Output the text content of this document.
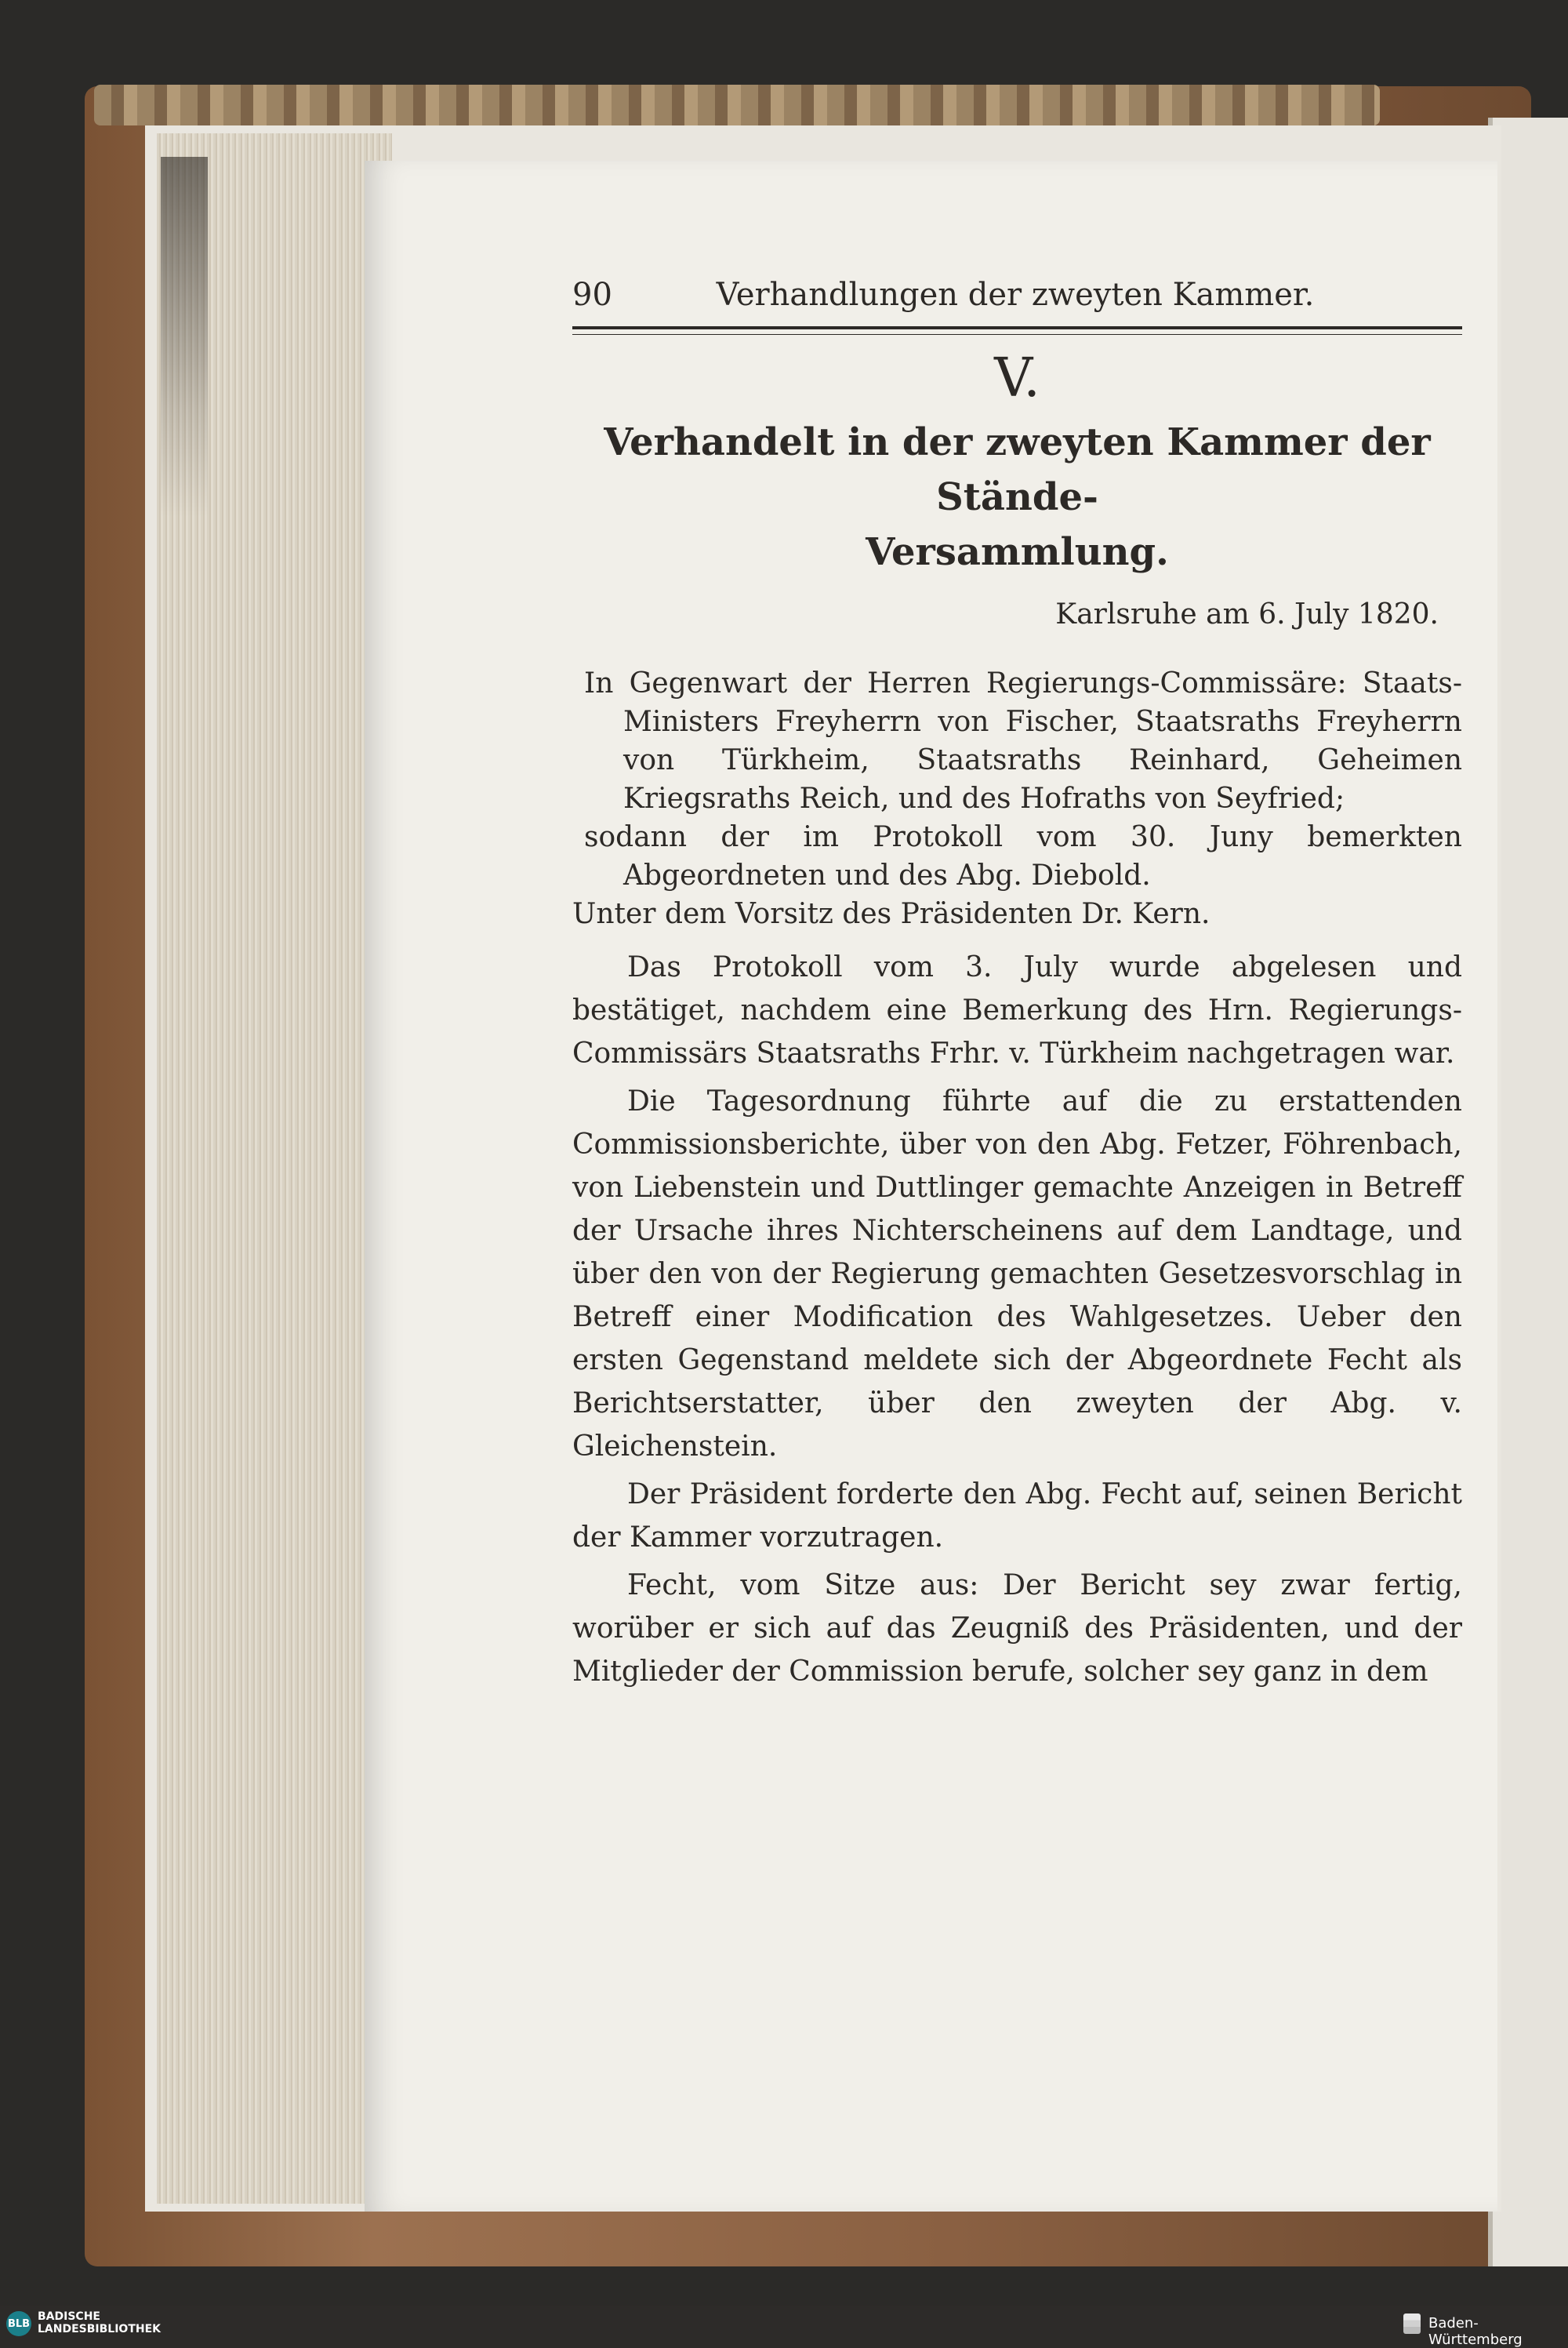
90	Verhandlungen der zweyten Kammer.
V.
Verhandelt in der zweyten Kammer der Stände-
Versammlung.
Karlsruhe am 6. July 1820.

In Gegenwart der Herren Regierungs-Commissäre: Staats-Ministers Freyherrn von Fischer, Staatsraths Freyherrn von Türkheim, Staatsraths Reinhard, Geheimen Kriegsraths Reich, und des Hofraths von Seyfried;

sodann der im Protokoll vom 30. Juny bemerkten Abgeordneten und des Abg. Diebold.

Unter dem Vorsitz des Präsidenten Dr. Kern.

Das Protokoll vom 3. July wurde abgelesen und bestätiget, nachdem eine Bemerkung des Hrn. Regierungs-Commissärs Staatsraths Frhr. v. Türkheim nachgetragen war.

Die Tagesordnung führte auf die zu erstattenden Commissionsberichte, über von den Abg. Fetzer, Föhrenbach, von Liebenstein und Duttlinger gemachte Anzeigen in Betreff der Ursache ihres Nichterscheinens auf dem Landtage, und über den von der Regierung gemachten Gesetzesvorschlag in Betreff einer Modification des Wahlgesetzes. Ueber den ersten Gegenstand meldete sich der Abgeordnete Fecht als Berichtserstatter, über den zweyten der Abg. v. Gleichenstein.

Der Präsident forderte den Abg. Fecht auf, seinen Bericht der Kammer vorzutragen.

Fecht, vom Sitze aus: Der Bericht sey zwar fertig, worüber er sich auf das Zeugniß des Präsidenten, und der Mitglieder der Commission berufe, solcher sey ganz in dem

BLB
BADISCHE
LANDESBIBLIOTHEK	Baden-Württemberg
